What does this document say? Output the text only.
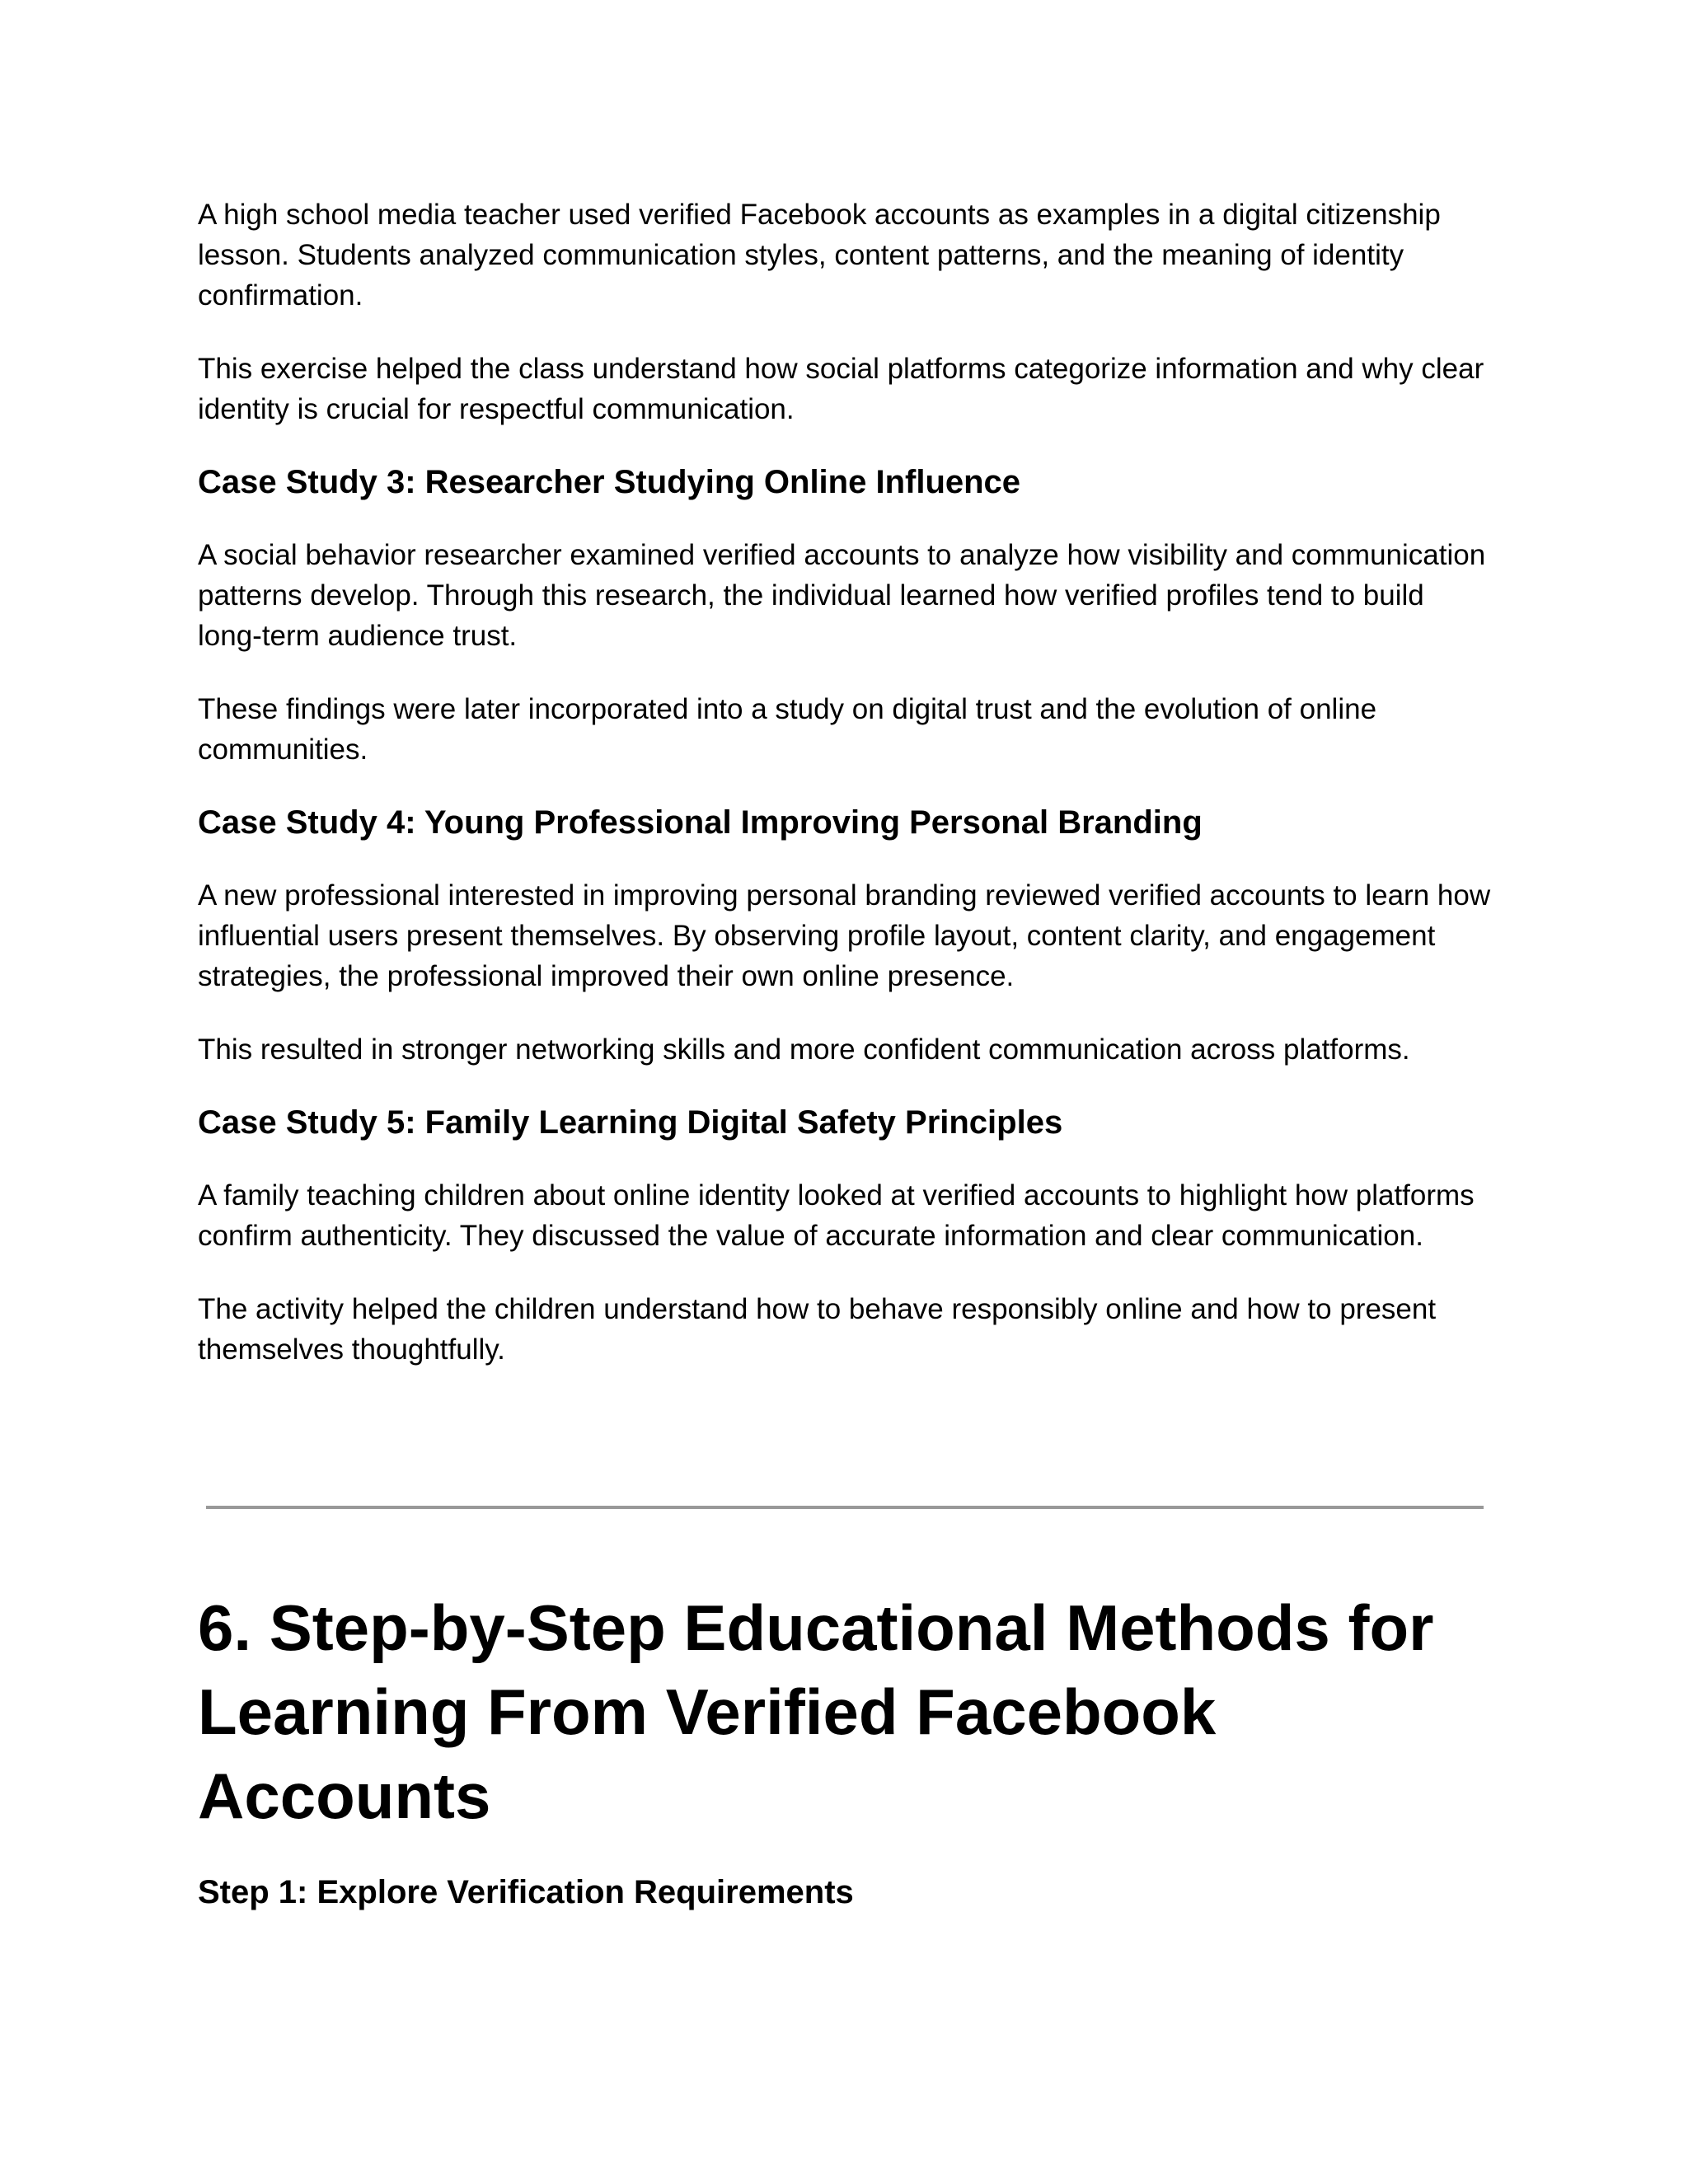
A high school media teacher used verified Facebook accounts as examples in a digital citizenship lesson. Students analyzed communication styles, content patterns, and the meaning of identity confirmation.

This exercise helped the class understand how social platforms categorize information and why clear identity is crucial for respectful communication.

Case Study 3: Researcher Studying Online Influence

A social behavior researcher examined verified accounts to analyze how visibility and communication patterns develop. Through this research, the individual learned how verified profiles tend to build long-term audience trust.

These findings were later incorporated into a study on digital trust and the evolution of online communities.

Case Study 4: Young Professional Improving Personal Branding

A new professional interested in improving personal branding reviewed verified accounts to learn how influential users present themselves. By observing profile layout, content clarity, and engagement strategies, the professional improved their own online presence.

This resulted in stronger networking skills and more confident communication across platforms.

Case Study 5: Family Learning Digital Safety Principles

A family teaching children about online identity looked at verified accounts to highlight how platforms confirm authenticity. They discussed the value of accurate information and clear communication.

The activity helped the children understand how to behave responsibly online and how to present themselves thoughtfully.

6. Step-by-Step Educational Methods for Learning From Verified Facebook Accounts
Step 1: Explore Verification Requirements
